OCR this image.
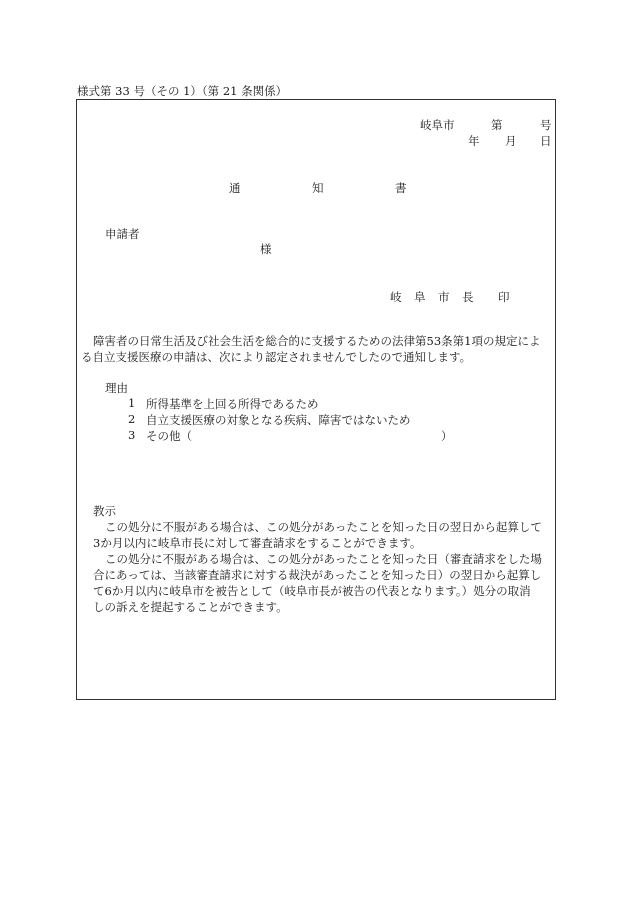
様式第 33 号（その 1）（第 21 条関係）
岐阜市	第	号
年 月 日
通	知	書
申請者
様
岐 阜 市 長 印
障害者の日常生活及び社会生活を総合的に支援するための法律第53条第1項の規定によ
る自立支援医療の申請は、次により認定されませんでしたので通知します。
理由
1 所得基準を上回る所得であるため
2 自立支援医療の対象となる疾病、障害ではないため
3 その他（	）
教示
この処分に不服がある場合は、この処分があったことを知った日の翌日から起算して
3か月以内に岐阜市長に対して審査請求をすることができます。
この処分に不服がある場合は、この処分があったことを知った日（審査請求をした場
合にあっては、当該審査請求に対する裁決があったことを知った日）の翌日から起算し
て6か月以内に岐阜市を被告として（岐阜市長が被告の代表となります。）処分の取消
しの訴えを提起することができます。
